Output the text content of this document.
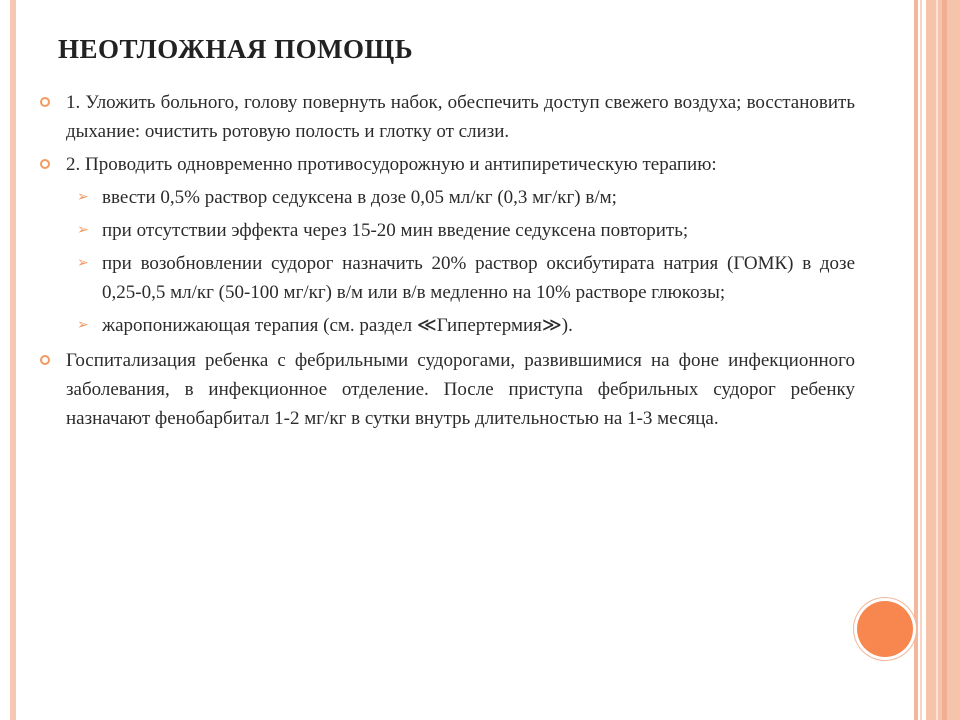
НЕОТЛОЖНАЯ ПОМОЩЬ
1. Уложить больного, голову повернуть набок, обеспечить доступ свежего воздуха; восстановить дыхание: очистить ротовую полость и глотку от слизи.
2. Проводить одновременно противосудорожную и антипиретическую терапию:
➢ ввести 0,5% раствор седуксена в дозе 0,05 мл/кг (0,3 мг/кг) в/м;
➢ при отсутствии эффекта через 15-20 мин введение седуксена повторить;
➢ при возобновлении судорог назначить 20% раствор оксибутирата натрия (ГОМК) в дозе 0,25-0,5 мл/кг (50-100 мг/кг) в/м или в/в медленно на 10% растворе глюкозы;
➢ жаропонижающая терапия (см. раздел ≪Гипертермия≫).
Госпитализация ребенка с фебрильными судорогами, развившимися на фоне инфекционного заболевания, в инфекционное отделение. После приступа фебрильных судорог ребенку назначают фенобарбитал 1-2 мг/кг в сутки внутрь длительностью на 1-3 месяца.
